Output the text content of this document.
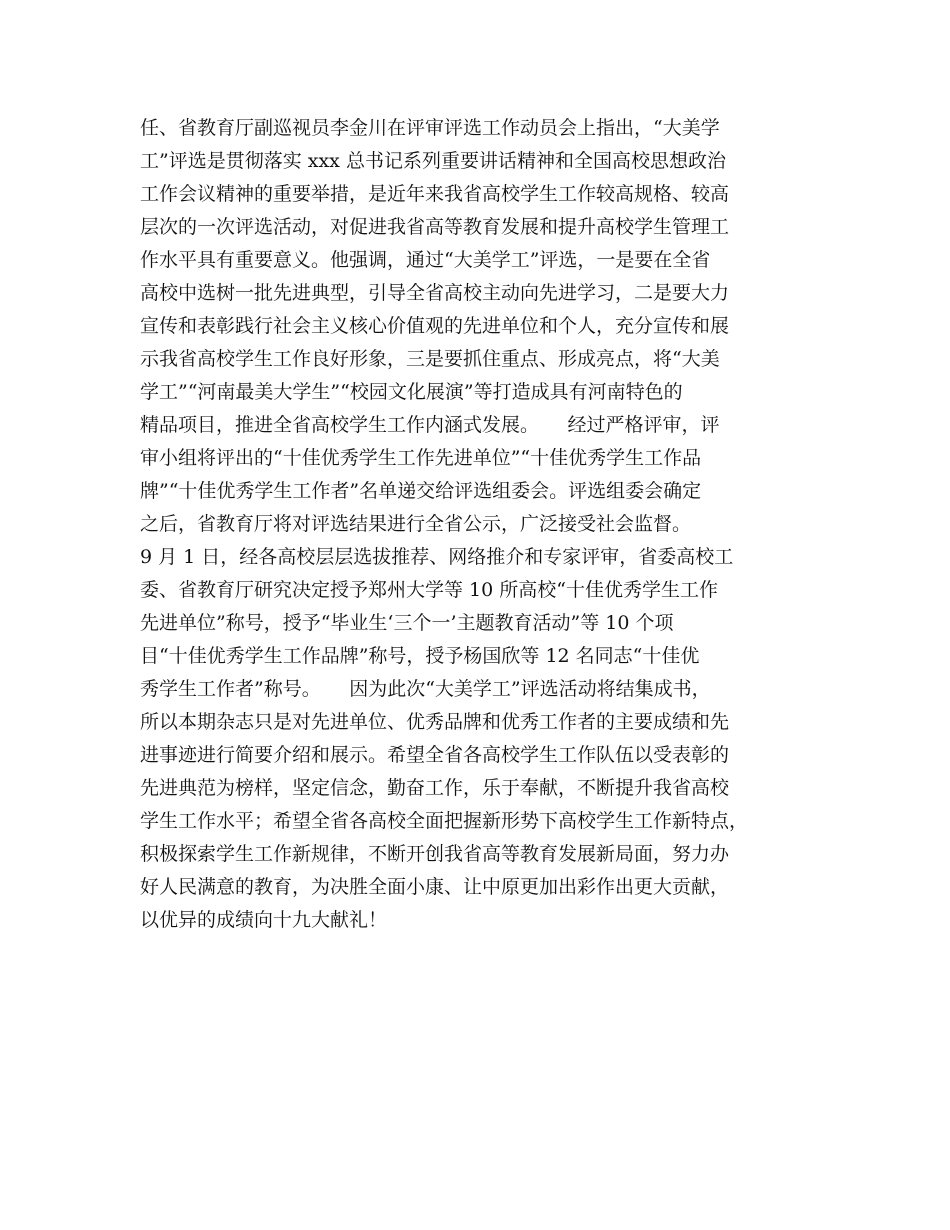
任、省教育厅副巡视员李金川在评审评选工作动员会上指出，“大美学
工”评选是贯彻落实 xxx 总书记系列重要讲话精神和全国高校思想政治
工作会议精神的重要举措，是近年来我省高校学生工作较高规格、较高
层次的一次评选活动，对促进我省高等教育发展和提升高校学生管理工
作水平具有重要意义。他强调，通过“大美学工”评选，一是要在全省
高校中选树一批先进典型，引导全省高校主动向先进学习，二是要大力
宣传和表彰践行社会主义核心价值观的先进单位和个人，充分宣传和展
示我省高校学生工作良好形象，三是要抓住重点、形成亮点，将“大美
学工”“河南最美大学生”“校园文化展演”等打造成具有河南特色的
精品项目，推进全省高校学生工作内涵式发展。　　经过严格评审，评
审小组将评出的“十佳优秀学生工作先进单位”“十佳优秀学生工作品
牌”“十佳优秀学生工作者”名单递交给评选组委会。评选组委会确定
之后，省教育厅将对评选结果进行全省公示，广泛接受社会监督。
9 月 1 日，经各高校层层选拔推荐、网络推介和专家评审，省委高校工
委、省教育厅研究决定授予郑州大学等 10 所高校“十佳优秀学生工作
先进单位”称号，授予“毕业生‘三个一’主题教育活动”等 10 个项
目“十佳优秀学生工作品牌”称号，授予杨国欣等 12 名同志“十佳优
秀学生工作者”称号。　　因为此次“大美学工”评选活动将结集成书，
所以本期杂志只是对先进单位、优秀品牌和优秀工作者的主要成绩和先
进事迹进行简要介绍和展示。希望全省各高校学生工作队伍以受表彰的
先进典范为榜样，坚定信念，勤奋工作，乐于奉献，不断提升我省高校
学生工作水平；希望全省各高校全面把握新形势下高校学生工作新特点，
积极探索学生工作新规律，不断开创我省高等教育发展新局面，努力办
好人民满意的教育，为决胜全面小康、让中原更加出彩作出更大贡献，
以优异的成绩向十九大献礼！
